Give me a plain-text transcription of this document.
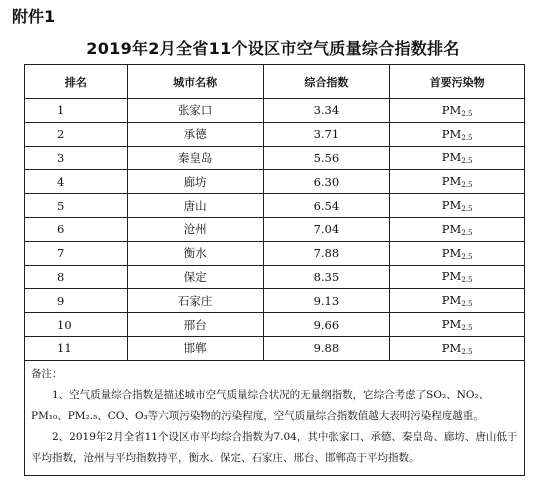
附件1
2019年2月全省11个设区市空气质量综合指数排名
排名	城市名称	综合指数	首要污染物
1	张家口	3.34	$PM_{2.5}$
2	承德	3.71	$PM_{2.5}$
3	秦皇岛	5.56	$PM_{2.5}$
4	廊坊	6.30	$PM_{2.5}$
5	唐山	6.54	$PM_{2.5}$
6	沧州	7.04	$PM_{2.5}$
7	衡水	7.88	$PM_{2.5}$
8	保定	8.35	$PM_{2.5}$
9	石家庄	9.13	$PM_{2.5}$
10	邢台	9.66	$PM_{2.5}$
11	邯郸	9.88	$PM_{2.5}$

备注：

1、空气质量综合指数是描述城市空气质量综合状况的无量纲指数，它综合考虑了SO₂、NO₂、PM₁₀、PM₂.₅、CO、O₃等六项污染物的污染程度，空气质量综合指数值越大表明污染程度越重。

2、2019年2月全省11个设区市平均综合指数为7.04，其中张家口、承德、秦皇岛、廊坊、唐山低于平均指数，沧州与平均指数持平，衡水、保定、石家庄、邢台、邯郸高于平均指数。			
